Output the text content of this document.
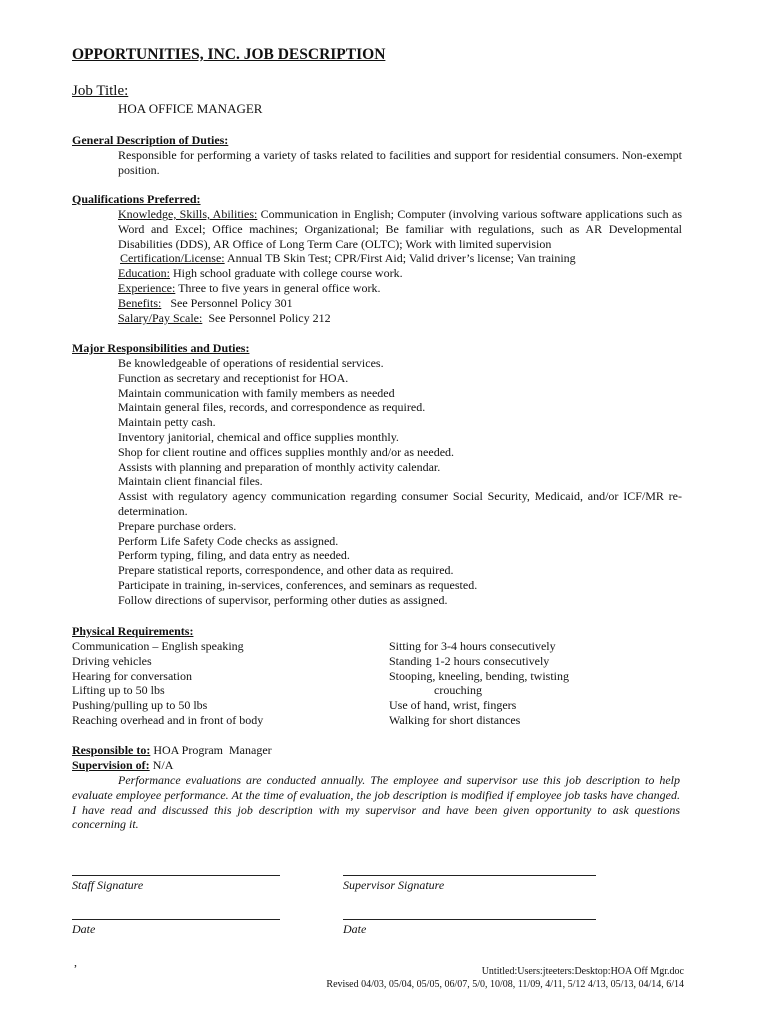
OPPORTUNITIES, INC. JOB DESCRIPTION
Job Title:
HOA OFFICE MANAGER
General Description of Duties:
Responsible for performing a variety of tasks related to facilities and support for residential consumers. Non-exempt position.
Qualifications Preferred:
Knowledge, Skills, Abilities: Communication in English; Computer (involving various software applications such as Word and Excel; Office machines; Organizational; Be familiar with regulations, such as AR Developmental Disabilities (DDS), AR Office of Long Term Care (OLTC); Work with limited supervision
Certification/License: Annual TB Skin Test; CPR/First Aid; Valid driver’s license; Van training
Education: High school graduate with college course work.
Experience: Three to five years in general office work.
Benefits:   See Personnel Policy 301
Salary/Pay Scale:  See Personnel Policy 212
Major Responsibilities and Duties:
Be knowledgeable of operations of residential services.
Function as secretary and receptionist for HOA.
Maintain communication with family members as needed
Maintain general files, records, and correspondence as required.
Maintain petty cash.
Inventory janitorial, chemical and office supplies monthly.
Shop for client routine and offices supplies monthly and/or as needed.
Assists with planning and preparation of monthly activity calendar.
Maintain client financial files.
Assist with regulatory agency communication regarding consumer Social Security, Medicaid, and/or ICF/MR re-determination.
Prepare purchase orders.
Perform Life Safety Code checks as assigned.
Perform typing, filing, and data entry as needed.
Prepare statistical reports, correspondence, and other data as required.
Participate in training, in-services, conferences, and seminars as requested.
Follow directions of supervisor, performing other duties as assigned.
Physical Requirements:
Communication – English speaking
Driving vehicles
Hearing for conversation
Lifting up to 50 lbs
Pushing/pulling up to 50 lbs
Reaching overhead and in front of body
Sitting for 3-4 hours consecutively
Standing 1-2 hours consecutively
Stooping, kneeling, bending, twisting
crouching
Use of hand, wrist, fingers
Walking for short distances
Responsible to: HOA Program  Manager
Supervision of: N/A
Performance evaluations are conducted annually. The employee and supervisor use this job description to help evaluate employee performance. At the time of evaluation, the job description is modified if employee job tasks have changed. I have read and discussed this job description with my supervisor and have been given opportunity to ask questions concerning it.
Staff Signature	Supervisor Signature
Date	Date
,
Untitled:Users:jteeters:Desktop:HOA Off Mgr.doc
Revised 04/03, 05/04, 05/05, 06/07, 5/0, 10/08, 11/09, 4/11, 5/12 4/13, 05/13, 04/14, 6/14
